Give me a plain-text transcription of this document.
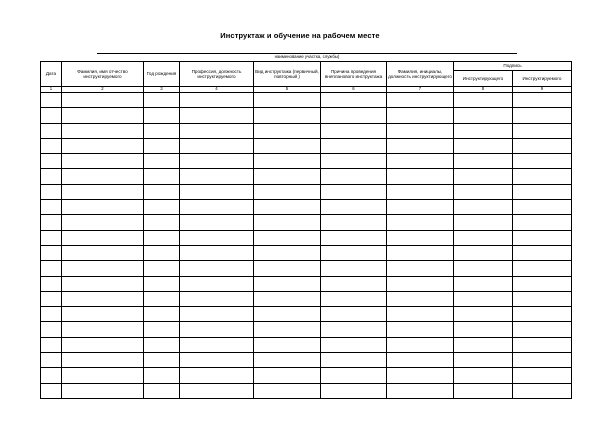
Инструктаж и обучение на рабочем месте
наименование участка, службы)
Дата	Фамилия, имя отчество инструктируемого	Год рождения	Профессия, должность инструктируемого	Вид инструктажа (первичный, повторный )	Причина проведения внепланового инструктажа	Фамилия, инициалы, должность инструктирующего	Подпись	
							Инструктирующего	Инструктируемого
1	2	3	4	5	6	7	8	9
